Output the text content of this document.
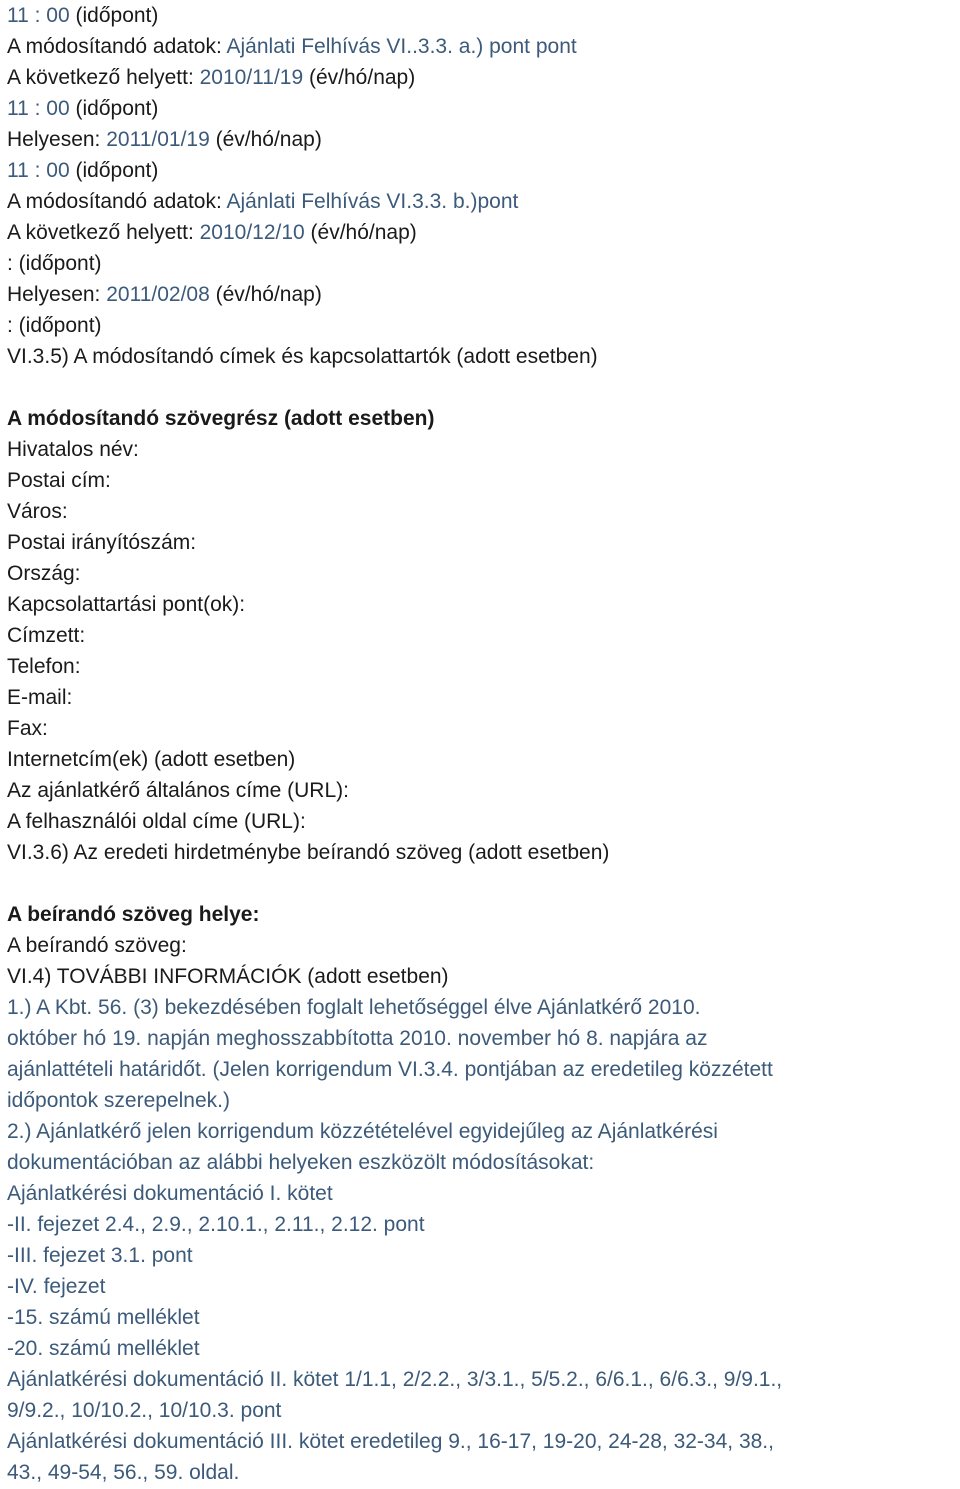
11 : 00 (időpont)
A módosítandó adatok: Ajánlati Felhívás VI..3.3. a.) pont pont
A következő helyett: 2010/11/19 (év/hó/nap)
11 : 00 (időpont)
Helyesen: 2011/01/19 (év/hó/nap)
11 : 00 (időpont)
A módosítandó adatok: Ajánlati Felhívás VI.3.3. b.)pont
A következő helyett: 2010/12/10 (év/hó/nap)
: (időpont)
Helyesen: 2011/02/08 (év/hó/nap)
: (időpont)
VI.3.5) A módosítandó címek és kapcsolattartók (adott esetben)
A módosítandó szövegrész (adott esetben)
Hivatalos név:
Postai cím:
Város:
Postai irányítószám:
Ország:
Kapcsolattartási pont(ok):
Címzett:
Telefon:
E-mail:
Fax:
Internetcím(ek) (adott esetben)
Az ajánlatkérő általános címe (URL):
A felhasználói oldal címe (URL):
VI.3.6) Az eredeti hirdetménybe beírandó szöveg (adott esetben)
A beírandó szöveg helye:
A beírandó szöveg:
VI.4) TOVÁBBI INFORMÁCIÓK (adott esetben)
1.) A Kbt. 56. (3) bekezdésében foglalt lehetőséggel élve Ajánlatkérő 2010.
október hó 19. napján meghosszabbította 2010. november hó 8. napjára az
ajánlattételi határidőt. (Jelen korrigendum VI.3.4. pontjában az eredetileg közzétett
időpontok szerepelnek.)
2.) Ajánlatkérő jelen korrigendum közzétételével egyidejűleg az Ajánlatkérési
dokumentációban az alábbi helyeken eszközölt módosításokat:
Ajánlatkérési dokumentáció I. kötet
-II. fejezet 2.4., 2.9., 2.10.1., 2.11., 2.12. pont
-III. fejezet 3.1. pont
-IV. fejezet
-15. számú melléklet
-20. számú melléklet
Ajánlatkérési dokumentáció II. kötet 1/1.1, 2/2.2., 3/3.1., 5/5.2., 6/6.1., 6/6.3., 9/9.1.,
9/9.2., 10/10.2., 10/10.3. pont
Ajánlatkérési dokumentáció III. kötet eredetileg 9., 16-17, 19-20, 24-28, 32-34, 38.,
43., 49-54, 56., 59. oldal.
